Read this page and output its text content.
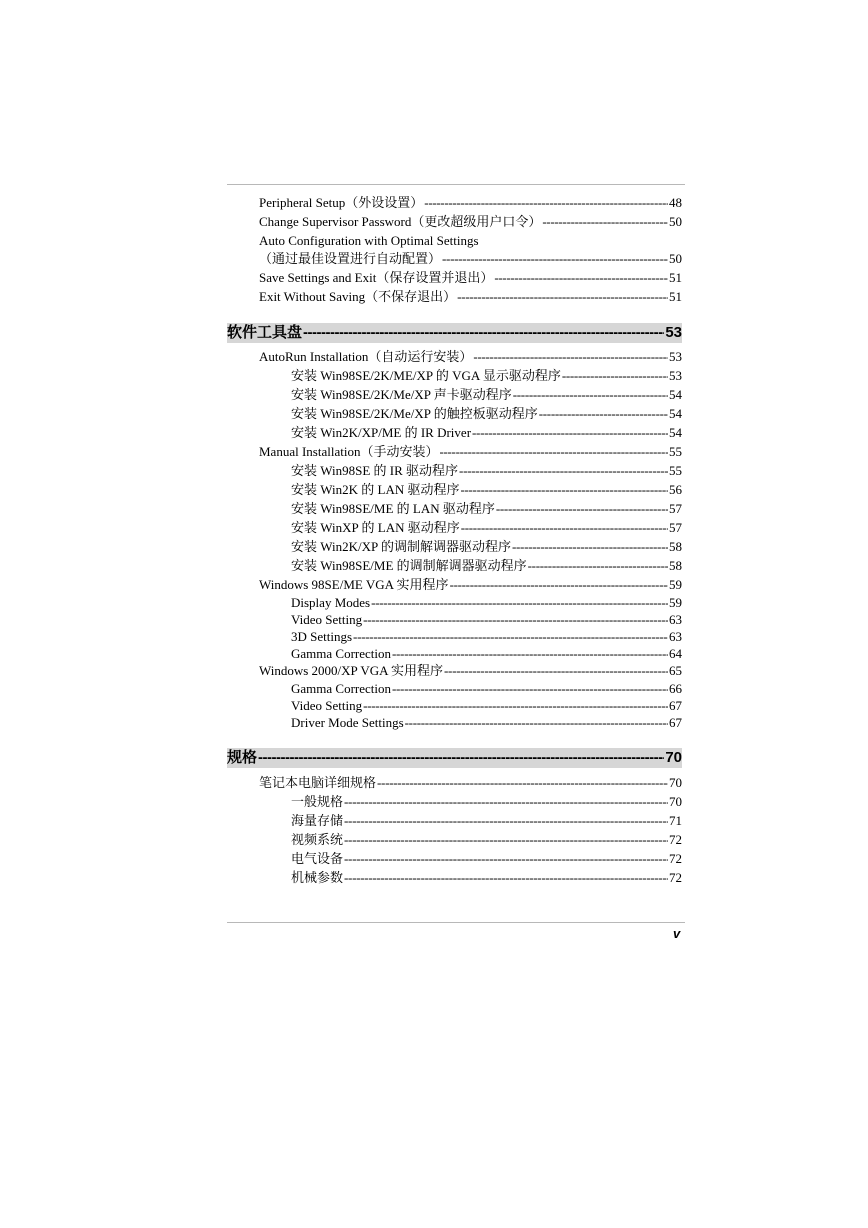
Peripheral Setup（外设设置） -----	48
Change Supervisor Password（更改超级用户口令） -----	50
Auto Configuration with Optimal Settings
（通过最佳设置进行自动配置） -----	50
Save Settings and Exit（保存设置并退出） -----	51
Exit Without Saving（不保存退出） -----	51
软件工具盘 -----	53
AutoRun Installation（自动运行安装） -----	53
安装 Win98SE/2K/ME/XP 的 VGA 显示驱动程序 -----	53
安装 Win98SE/2K/Me/XP 声卡驱动程序 -----	54
安装 Win98SE/2K/Me/XP 的触控板驱动程序 -----	54
安装 Win2K/XP/ME 的 IR Driver -----	54
Manual Installation（手动安装） -----	55
安装 Win98SE 的 IR 驱动程序 -----	55
安装 Win2K 的 LAN 驱动程序 -----	56
安装 Win98SE/ME 的 LAN 驱动程序 -----	57
安装 WinXP 的 LAN 驱动程序 -----	57
安装 Win2K/XP 的调制解调器驱动程序 -----	58
安装 Win98SE/ME 的调制解调器驱动程序 -----	58
Windows 98SE/ME VGA 实用程序 -----	59
Display Modes -----	59
Video Setting -----	63
3D Settings -----	63
Gamma Correction -----	64
Windows 2000/XP VGA 实用程序 -----	65
Gamma Correction -----	66
Video Setting -----	67
Driver Mode Settings -----	67
规格 -----	70
笔记本电脑详细规格 -----	70
一般规格 -----	70
海量存储 -----	71
视频系统 -----	72
电气设备 -----	72
机械参数 -----	72
v
